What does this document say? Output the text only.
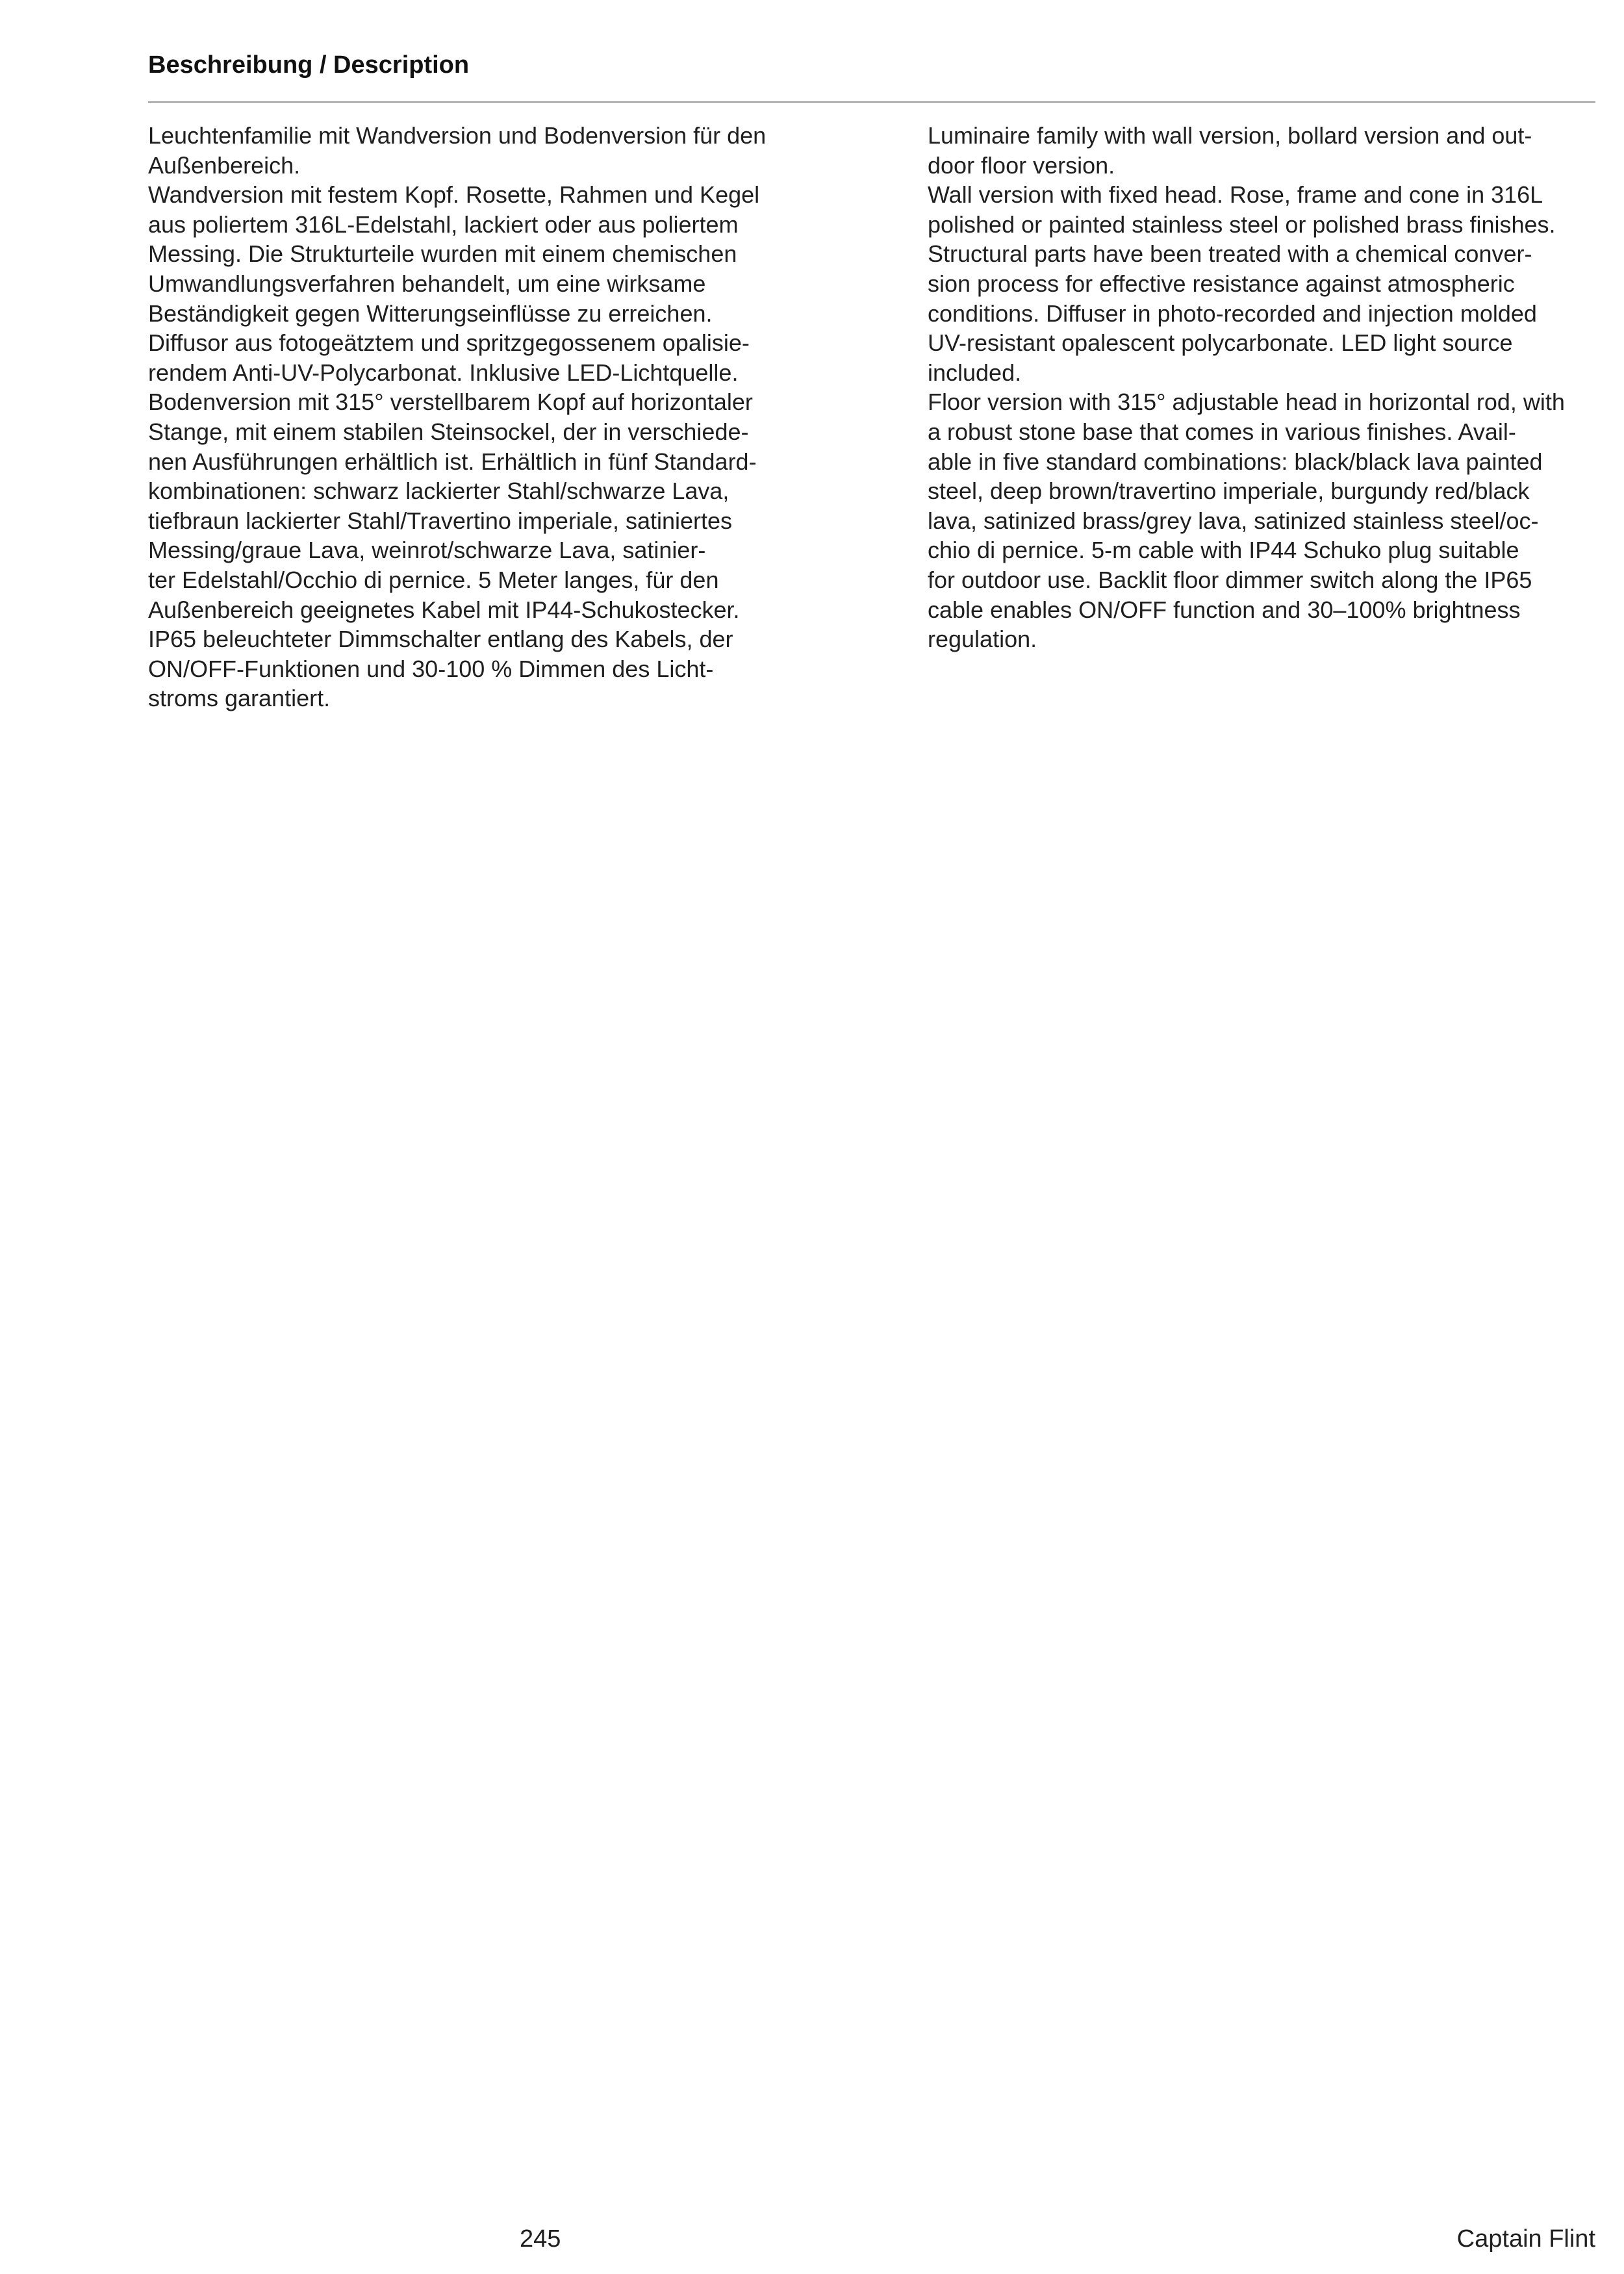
Beschreibung / Description
Leuchtenfamilie mit Wandversion und Bodenversion für den
Außenbereich.
Wandversion mit festem Kopf. Rosette, Rahmen und Kegel
aus poliertem 316L-Edelstahl, lackiert oder aus poliertem
Messing. Die Strukturteile wurden mit einem chemischen
Umwandlungsverfahren behandelt, um eine wirksame
Beständigkeit gegen Witterungseinflüsse zu erreichen.
Diffusor aus fotogeätztem und spritzgegossenem opalisie-
rendem Anti-UV-Polycarbonat. Inklusive LED-Lichtquelle.
Bodenversion mit 315° verstellbarem Kopf auf horizontaler
Stange, mit einem stabilen Steinsockel, der in verschiede-
nen Ausführungen erhältlich ist. Erhältlich in fünf Standard-
kombinationen: schwarz lackierter Stahl/schwarze Lava,
tiefbraun lackierter Stahl/Travertino imperiale, satiniertes
Messing/graue Lava, weinrot/schwarze Lava, satinier-
ter Edelstahl/Occhio di pernice. 5 Meter langes, für den
Außenbereich geeignetes Kabel mit IP44-Schukostecker.
IP65 beleuchteter Dimmschalter entlang des Kabels, der
ON/OFF-Funktionen und 30-100 % Dimmen des Licht-
stroms garantiert.
Luminaire family with wall version, bollard version and out-
door floor version.
Wall version with fixed head. Rose, frame and cone in 316L
polished or painted stainless steel or polished brass finishes.
Structural parts have been treated with a chemical conver-
sion process for effective resistance against atmospheric
conditions. Diffuser in photo-recorded and injection molded
UV-resistant opalescent polycarbonate. LED light source
included.
Floor version with 315° adjustable head in horizontal rod, with
a robust stone base that comes in various finishes. Avail-
able in five standard combinations: black/black lava painted
steel, deep brown/travertino imperiale, burgundy red/black
lava, satinized brass/grey lava, satinized stainless steel/oc-
chio di pernice. 5-m cable with IP44 Schuko plug suitable
for outdoor use. Backlit floor dimmer switch along the IP65
cable enables ON/OFF function and 30–100% brightness
regulation.
245	Captain Flint
